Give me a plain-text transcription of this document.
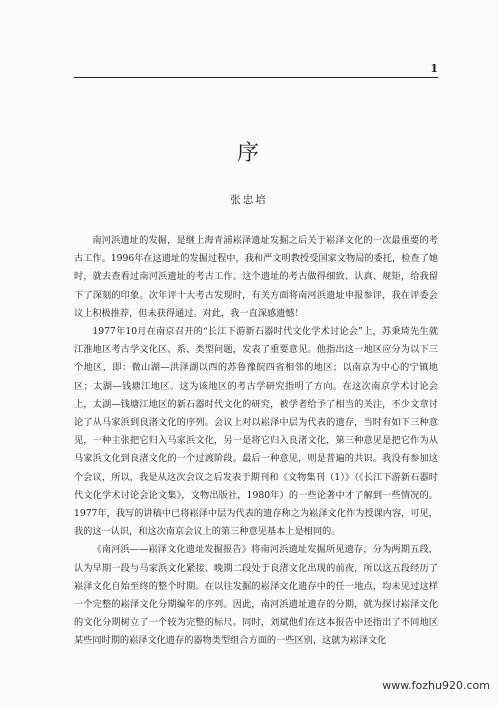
1
序
张忠培

南河浜遗址的发掘，是继上海青浦崧泽遗址发掘之后关于崧泽文化的一次最重要的考古工作。1996年在这遗址的发掘过程中，我和严文明教授受国家文物局的委托，检查了她时，就去查看过南河浜遗址的考古工作。这个遗址的考古做得细致、认真、规矩，给我留下了深刻的印象。次年评十大考古发现时，有关方面将南河浜遗址申报参评，我在评委会议上积极推荐，但未获得通过。对此，我一直深感遗憾！

1977年10月在南京召开的“长江下游新石器时代文化学术讨论会”上，苏秉琦先生就江淮地区考古学文化区、系、类型问题，发表了重要意见。他指出这一地区应分为以下三个地区，即：微山湖—洪泽湖以西的苏鲁豫皖四省相邻的地区；以南京为中心的宁镇地区；太湖—钱塘江地区。这为该地区的考古学研究指明了方向。在这次南京学术讨论会上，太湖—钱塘江地区的新石器时代文化的研究，被学者给予了相当的关注，不少文章讨论了从马家浜到良渚文化的序列。会议上对以崧泽中层为代表的遗存，当时有如下三种意见，一种主张把它归入马家浜文化，另一是将它归入良渚文化，第三种意见是把它作为从马家浜文化到良渚文化的一个过渡阶段。最后一种意见，则是普遍的共识。我没有参加这个会议，所以，我是从这次会议之后发表于期刊和《文物集刊（1）》（《长江下游新石器时代文化学术讨论会论文集》，文物出版社，1980年）的一些论著中才了解到一些情况的。1977年，我写的讲稿中已将崧泽中层为代表的遗存称之为崧泽文化作为授课内容，可见，我的这一认识，和这次南京会议上的第三种意见基本上是相同的。

《南河浜——崧泽文化遗址发掘报告》将南河浜遗址发掘所见遗存，分为两期五段，认为早期一段与马家浜文化紧接、晚期二段处于良渚文化出现的前夜，所以这五段经历了崧泽文化自始至终的整个时期。在以往发掘的崧泽文化遗存中的任一地点，均未见过这样一个完整的崧泽文化分期编年的序列。因此，南河浜遗址遗存的分期，就为探讨崧泽文化的文化分期树立了一个较为完整的标尺。同时，刘斌他们在这本报告中还指出了不同地区某些同时期的崧泽文化遗存的器物类型组合方面的一些区别，这就为崧泽文化

www.fozhu920.com
